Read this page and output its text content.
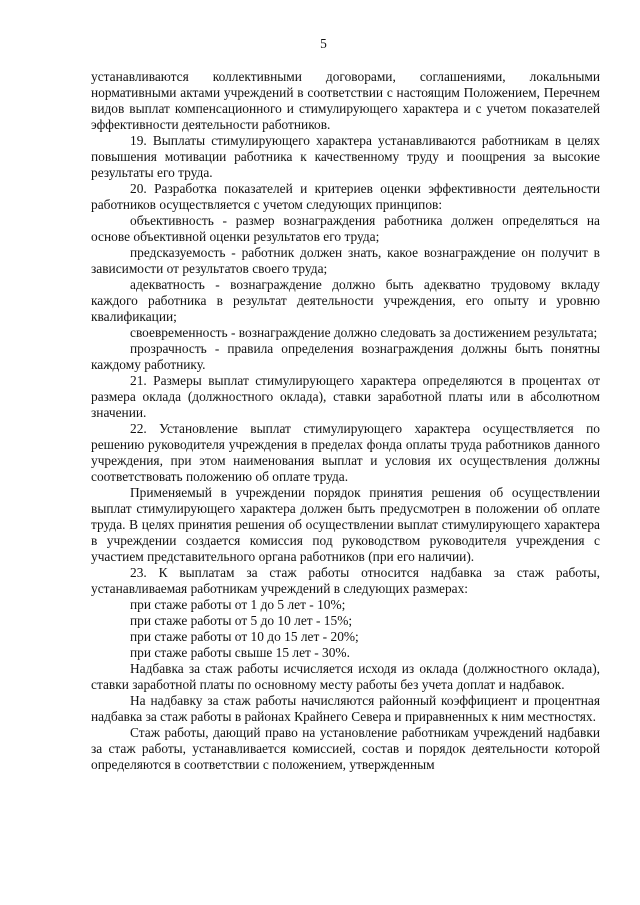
5

устанавливаются коллективными договорами, соглашениями, локальными нормативными актами учреждений в соответствии с настоящим Положением, Перечнем видов выплат компенсационного и стимулирующего характера и с учетом показателей эффективности деятельности работников.

19. Выплаты стимулирующего характера устанавливаются работникам в целях повышения мотивации работника к качественному труду и поощрения за высокие результаты его труда.

20. Разработка показателей и критериев оценки эффективности деятельности работников осуществляется с учетом следующих принципов:

объективность - размер вознаграждения работника должен определяться на основе объективной оценки результатов его труда;

предсказуемость - работник должен знать, какое вознаграждение он получит в зависимости от результатов своего труда;

адекватность - вознаграждение должно быть адекватно трудовому вкладу каждого работника в результат деятельности учреждения, его опыту и уровню квалификации;

своевременность - вознаграждение должно следовать за достижением результата;

прозрачность - правила определения вознаграждения должны быть понятны каждому работнику.

21. Размеры выплат стимулирующего характера определяются в процентах от размера оклада (должностного оклада), ставки заработной платы или в абсолютном значении.

22. Установление выплат стимулирующего характера осуществляется по решению руководителя учреждения в пределах фонда оплаты труда работников данного учреждения, при этом наименования выплат и условия их осуществления должны соответствовать положению об оплате труда.

Применяемый в учреждении порядок принятия решения об осуществлении выплат стимулирующего характера должен быть предусмотрен в положении об оплате труда. В целях принятия решения об осуществлении выплат стимулирующего характера в учреждении создается комиссия под руководством руководителя учреждения с участием представительного органа работников (при его наличии).

23. К выплатам за стаж работы относится надбавка за стаж работы, устанавливаемая работникам учреждений в следующих размерах:

при стаже работы от 1 до 5 лет - 10%;

при стаже работы от 5 до 10 лет - 15%;

при стаже работы от 10 до 15 лет - 20%;

при стаже работы свыше 15 лет - 30%.

Надбавка за стаж работы исчисляется исходя из оклада (должностного оклада), ставки заработной платы по основному месту работы без учета доплат и надбавок.

На надбавку за стаж работы начисляются районный коэффициент и процентная надбавка за стаж работы в районах Крайнего Севера и приравненных к ним местностях.

Стаж работы, дающий право на установление работникам учреждений надбавки за стаж работы, устанавливается комиссией, состав и порядок деятельности которой определяются в соответствии с положением, утвержденным
